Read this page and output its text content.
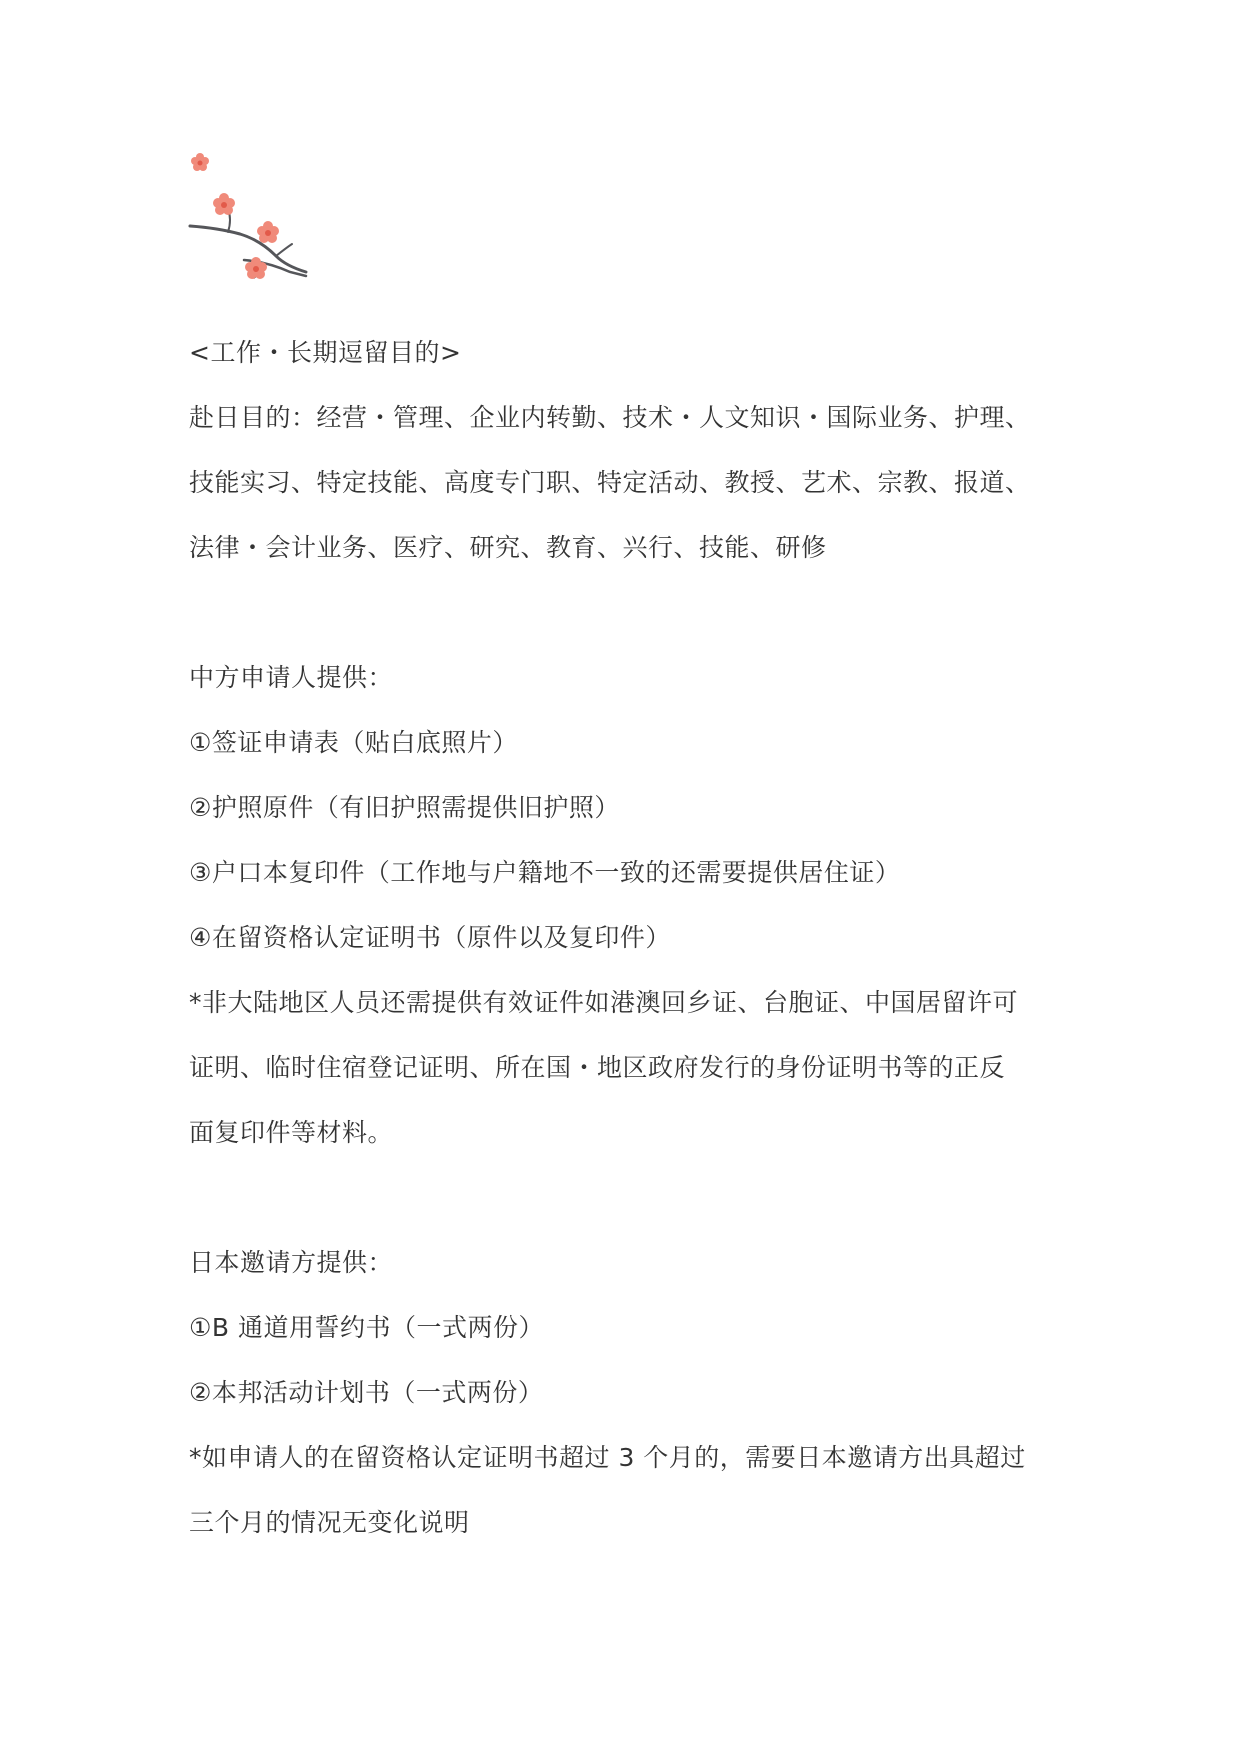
<工作・长期逗留目的>
赴日目的：经营・管理、企业内转勤、技术・人文知识・国际业务、护理、
技能实习、特定技能、高度专门职、特定活动、教授、艺术、宗教、报道、
法律・会计业务、医疗、研究、教育、兴行、技能、研修
中方申请人提供：
①签证申请表（贴白底照片）
②护照原件（有旧护照需提供旧护照）
③户口本复印件（工作地与户籍地不一致的还需要提供居住证）
④在留资格认定证明书（原件以及复印件）
*非大陆地区人员还需提供有效证件如港澳回乡证、台胞证、中国居留许可
证明、临时住宿登记证明、所在国・地区政府发行的身份证明书等的正反
面复印件等材料。
日本邀请方提供：
①B 通道用誓约书（一式两份）
②本邦活动计划书（一式两份）
*如申请人的在留资格认定证明书超过 3 个月的，需要日本邀请方出具超过
三个月的情况无变化说明
